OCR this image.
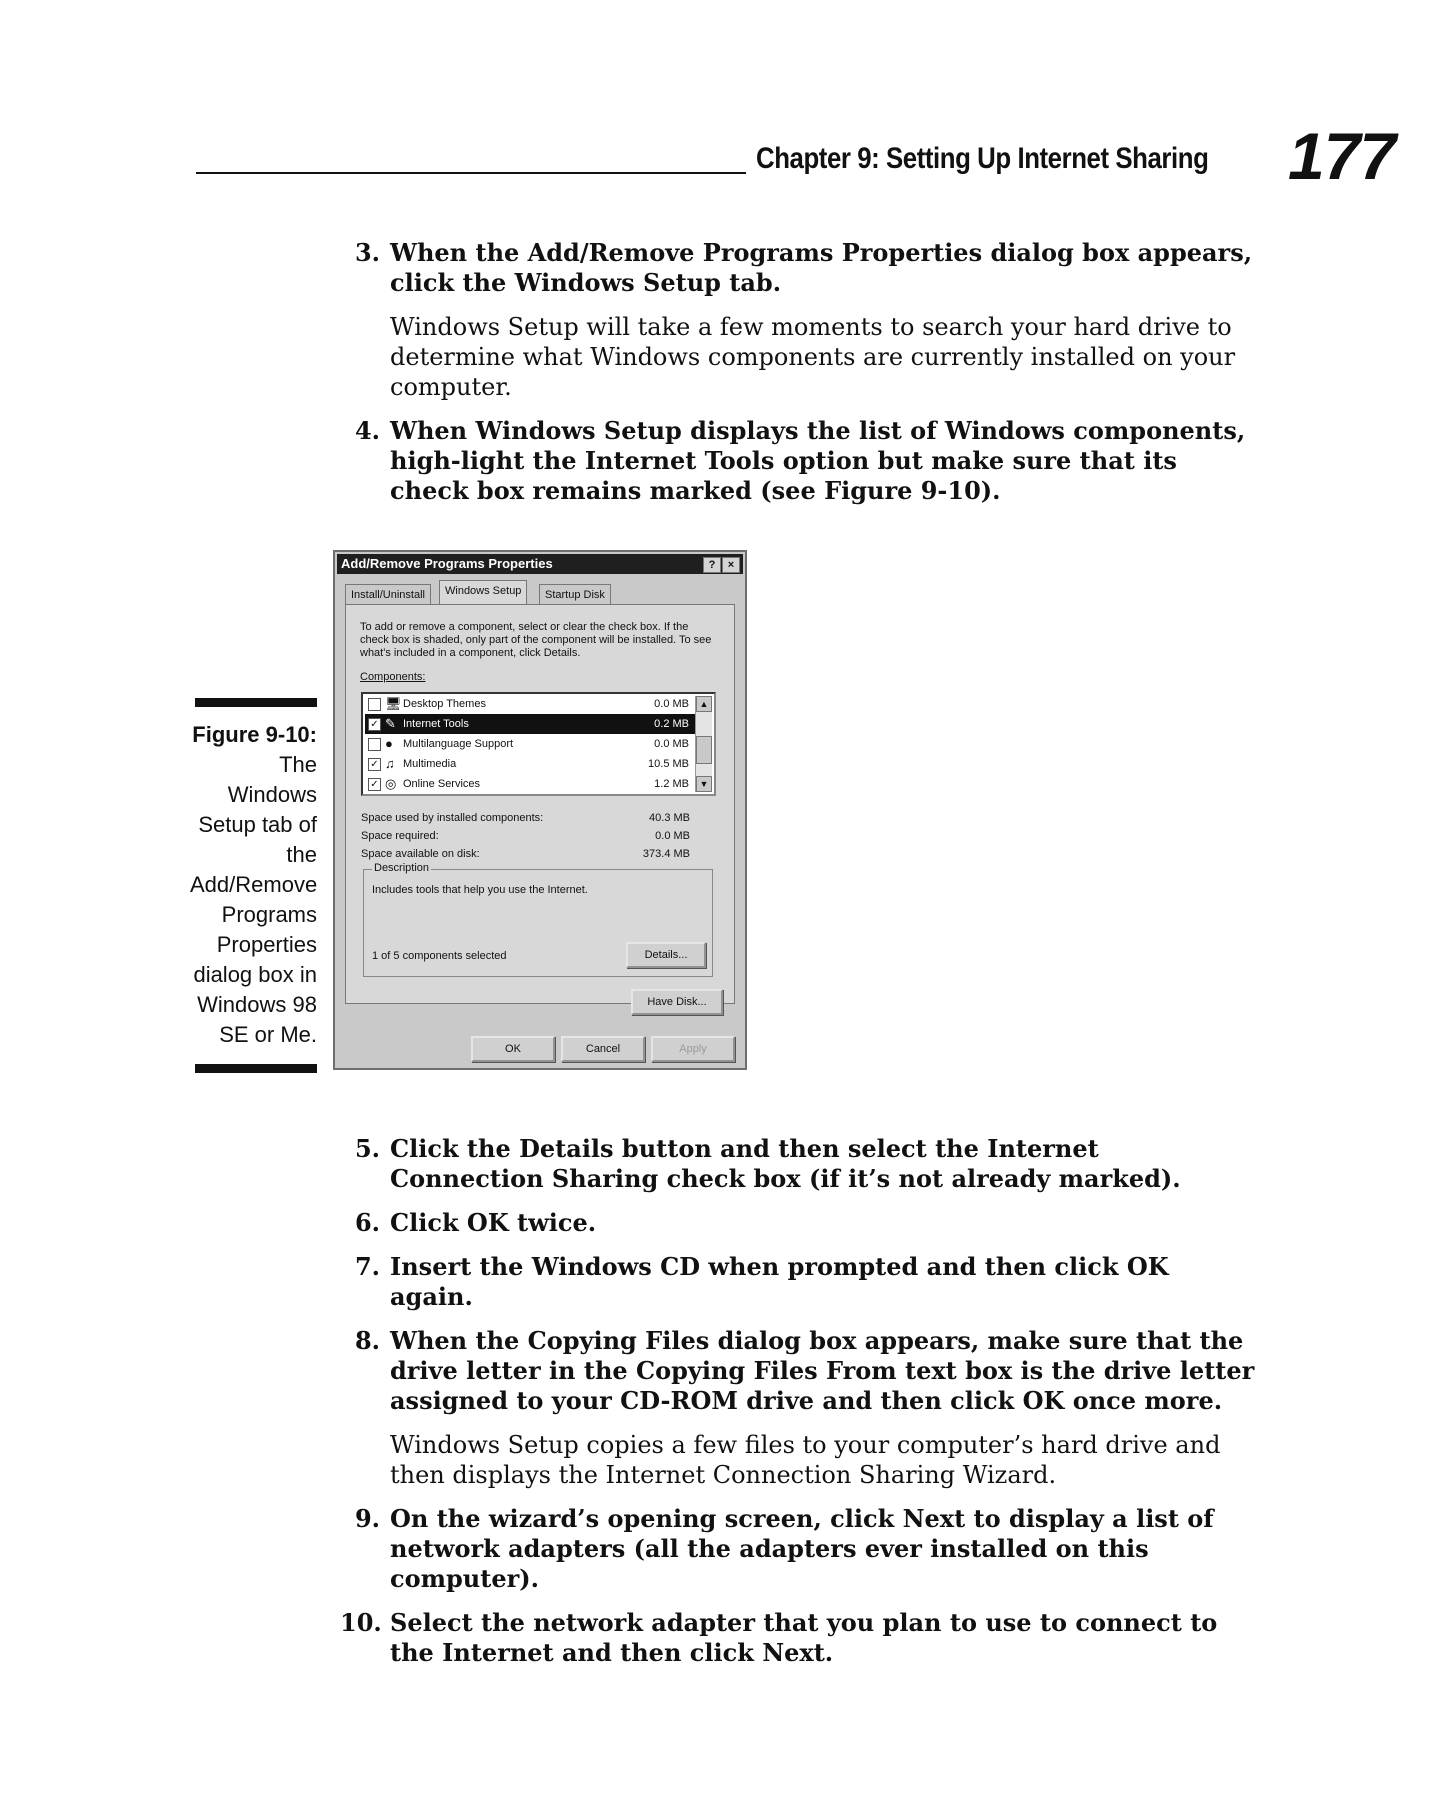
Chapter 9: Setting Up Internet Sharing 177
3. When the Add/Remove Programs Properties dialog box appears, click the Windows Setup tab.
Windows Setup will take a few moments to search your hard drive to determine what Windows components are currently installed on your computer.
4. When Windows Setup displays the list of Windows components, high-light the Internet Tools option but make sure that its check box remains marked (see Figure 9-10).
Figure 9-10:
The Windows Setup tab of the Add/Remove Programs Properties dialog box in Windows 98 SE or Me.
Add/Remove Programs Properties	?	×
Install/Uninstall	Windows Setup	Startup Disk
To add or remove a component, select or clear the check box. If the check box is shaded, only part of the component will be installed. To see what's included in a component, click Details.
Components:
🖥 Desktop Themes	0.0 MB
✓ ✎ Internet Tools	0.2 MB
● Multilanguage Support	0.0 MB
✓ ♫ Multimedia	10.5 MB
✓ ◎ Online Services	1.2 MB
▲
▼
Space used by installed components:	40.3 MB
Space required:	0.0 MB
Space available on disk:	373.4 MB
Description
Includes tools that help you use the Internet.
1 of 5 components selected	Details...
Have Disk...
OK	Cancel	Apply
5. Click the Details button and then select the Internet Connection Sharing check box (if it’s not already marked).
6. Click OK twice.
7. Insert the Windows CD when prompted and then click OK again.
8. When the Copying Files dialog box appears, make sure that the drive letter in the Copying Files From text box is the drive letter assigned to your CD-ROM drive and then click OK once more.
Windows Setup copies a few files to your computer’s hard drive and then displays the Internet Connection Sharing Wizard.
9. On the wizard’s opening screen, click Next to display a list of network adapters (all the adapters ever installed on this computer).
10. Select the network adapter that you plan to use to connect to the Internet and then click Next.
